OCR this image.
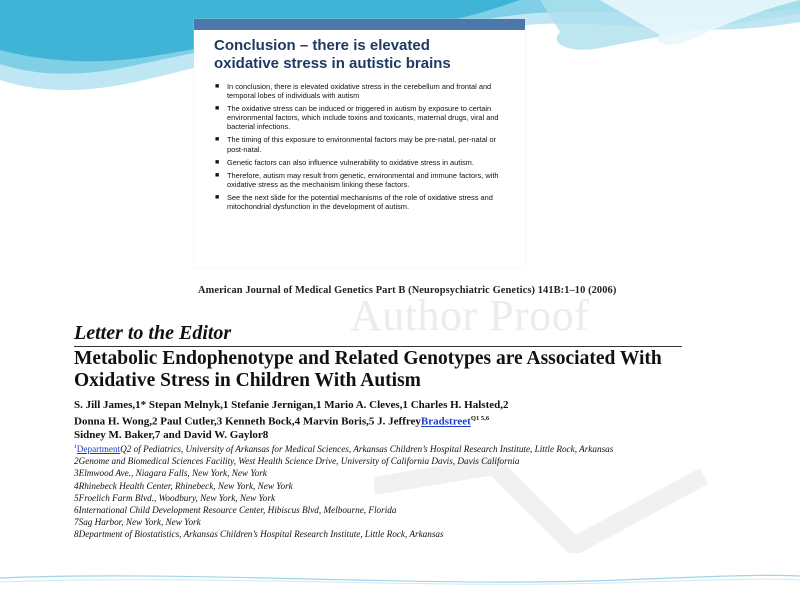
Conclusion – there is elevated oxidative stress in autistic brains
■ In conclusion, there is elevated oxidative stress in the cerebellum and frontal and temporal lobes of individuals with autism
■ The oxidative stress can be induced or triggered in autism by exposure to certain environmental factors, which include toxins and toxicants, maternal drugs, viral and bacterial infections.
■ The timing of this exposure to environmental factors may be pre-natal, per-natal or post-natal.
■ Genetic factors can also influence vulnerability to oxidative stress in autism.
■ Therefore, autism may result from genetic, environmental and immune factors, with oxidative stress as the mechanism linking these factors.
■ See the next slide for the potential mechanisms of the role of oxidative stress and mitochondrial dysfunction in the development of autism.
Author Proof
American Journal of Medical Genetics Part B (Neuropsychiatric Genetics) 141B:1–10 (2006)
Letter to the Editor
Metabolic Endophenotype and Related Genotypes are Associated With Oxidative Stress in Children With Autism
S. Jill James,1* Stepan Melnyk,1 Stefanie Jernigan,1 Mario A. Cleves,1 Charles H. Halsted,2
Donna H. Wong,2 Paul Cutler,3 Kenneth Bock,4 Marvin Boris,5 J. JeffreyBradstreet$^{Q1 5,6}$
Sidney M. Baker,7 and David W. Gaylor8
$^1$DepartmentQ2 of Pediatrics, University of Arkansas for Medical Sciences, Arkansas Children’s Hospital Research Institute, Little Rock, Arkansas
2Genome and Biomedical Sciences Facility, West Health Science Drive, University of California Davis, Davis California
3Elmwood Ave., Niagara Falls, New York, New York
4Rhinebeck Health Center, Rhinebeck, New York, New York
5Froelich Farm Blvd., Woodbury, New York, New York
6International Child Development Resource Center, Hibiscus Blvd, Melbourne, Florida
7Sag Harbor, New York, New York
8Department of Biostatistics, Arkansas Children’s Hospital Research Institute, Little Rock, Arkansas
